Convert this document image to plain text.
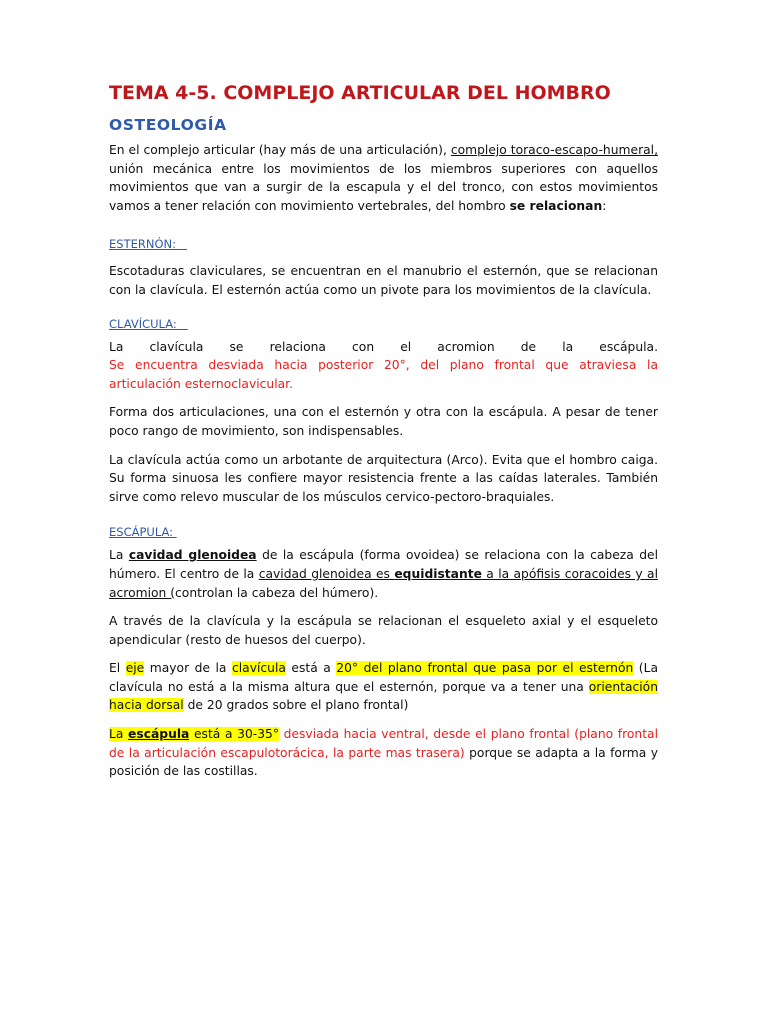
TEMA 4-5. COMPLEJO ARTICULAR DEL HOMBRO
OSTEOLOGÍA

En el complejo articular (hay más de una articulación), complejo toraco-escapo-humeral, unión mecánica entre los movimientos de los miembros superiores con aquellos movimientos que van a surgir de la escapula y el del tronco, con estos movimientos vamos a tener relación con movimiento vertebrales, del hombro se relacionan:

ESTERNÓN:

Escotaduras claviculares, se encuentran en el manubrio el esternón, que se relacionan con la clavícula. El esternón actúa como un pivote para los movimientos de la clavícula.

CLAVÍCULA:

La clavícula se relaciona con el acromion de la escápula.
Se encuentra desviada hacia posterior 20°, del plano frontal que atraviesa la articulación esternoclavicular.

Forma dos articulaciones, una con el esternón y otra con la escápula. A pesar de tener poco rango de movimiento, son indispensables.

La clavícula actúa como un arbotante de arquitectura (Arco). Evita que el hombro caiga. Su forma sinuosa les confiere mayor resistencia frente a las caídas laterales. También sirve como relevo muscular de los músculos cervico-pectoro-braquiales.

ESCÁPULA:

La cavidad glenoidea de la escápula (forma ovoidea) se relaciona con la cabeza del húmero. El centro de la cavidad glenoidea es equidistante a la apófisis coracoides y al acromion (controlan la cabeza del húmero).

A través de la clavícula y la escápula se relacionan el esqueleto axial y el esqueleto apendicular (resto de huesos del cuerpo).

El eje mayor de la clavícula está a 20° del plano frontal que pasa por el esternón (La clavícula no está a la misma altura que el esternón, porque va a tener una orientación hacia dorsal de 20 grados sobre el plano frontal)

La escápula está a 30-35° desviada hacia ventral, desde el plano frontal (plano frontal de la articulación escapulotorácica, la parte mas trasera) porque se adapta a la forma y posición de las costillas.
